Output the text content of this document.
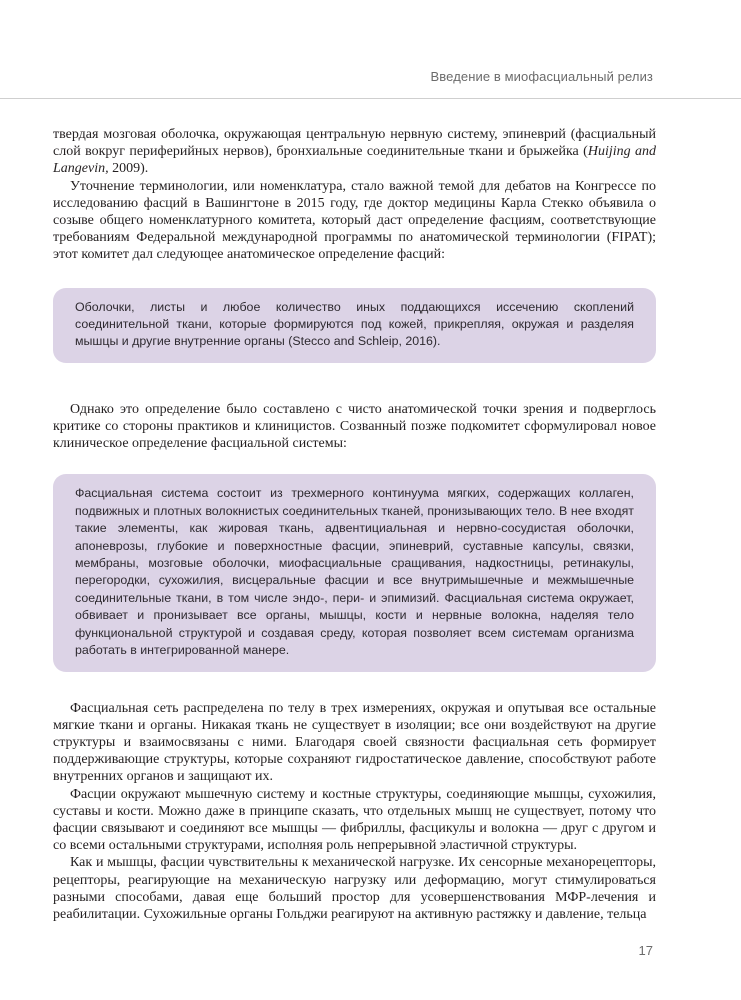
Введение в миофасциальный релиз

твердая мозговая оболочка, окружающая центральную нервную систему, эпиневрий (фасциальный слой вокруг периферийных нервов), бронхиальные соединительные ткани и брыжейка (Huijing and Langevin, 2009).

Уточнение терминологии, или номенклатура, стало важной темой для дебатов на Конгрессе по исследованию фасций в Вашингтоне в 2015 году, где доктор медицины Карла Стекко объявила о созыве общего номенклатурного комитета, который даст определение фасциям, соответствующие требованиям Федеральной международной программы по анатомической терминологии (FIPAT); этот комитет дал следующее анатомическое определение фасций:

Оболочки, листы и любое количество иных поддающихся иссечению скоплений соединительной ткани, которые формируются под кожей, прикрепляя, окружая и разделяя мышцы и другие внутренние органы (Stecco and Schleip, 2016).

Однако это определение было составлено с чисто анатомической точки зрения и подверглось критике со стороны практиков и клиницистов. Созванный позже подкомитет сформулировал новое клиническое определение фасциальной системы:

Фасциальная система состоит из трехмерного континуума мягких, содержащих коллаген, подвижных и плотных волокнистых соединительных тканей, пронизывающих тело. В нее входят такие элементы, как жировая ткань, адвентициальная и нервно-сосудистая оболочки, апоневрозы, глубокие и поверхностные фасции, эпиневрий, суставные капсулы, связки, мембраны, мозговые оболочки, миофасциальные сращивания, надкостницы, ретинакулы, перегородки, сухожилия, висцеральные фасции и все внутримышечные и межмышечные соединительные ткани, в том числе эндо-, пери- и эпимизий. Фасциальная система окружает, обвивает и пронизывает все органы, мышцы, кости и нервные волокна, наделяя тело функциональной структурой и создавая среду, которая позволяет всем системам организма работать в интегрированной манере.

Фасциальная сеть распределена по телу в трех измерениях, окружая и опутывая все остальные мягкие ткани и органы. Никакая ткань не существует в изоляции; все они воздействуют на другие структуры и взаимосвязаны с ними. Благодаря своей связности фасциальная сеть формирует поддерживающие структуры, которые сохраняют гидростатическое давление, способствуют работе внутренних органов и защищают их.

Фасции окружают мышечную систему и костные структуры, соединяющие мышцы, сухожилия, суставы и кости. Можно даже в принципе сказать, что отдельных мышц не существует, потому что фасции связывают и соединяют все мышцы — фибриллы, фасцикулы и волокна — друг с другом и со всеми остальными структурами, исполняя роль непрерывной эластичной структуры.

Как и мышцы, фасции чувствительны к механической нагрузке. Их сенсорные механорецепторы, рецепторы, реагирующие на механическую нагрузку или деформацию, могут стимулироваться разными способами, давая еще больший простор для усовершенствования МФР-лечения и реабилитации. Сухожильные органы Гольджи реагируют на активную растяжку и давление, тельца

17
